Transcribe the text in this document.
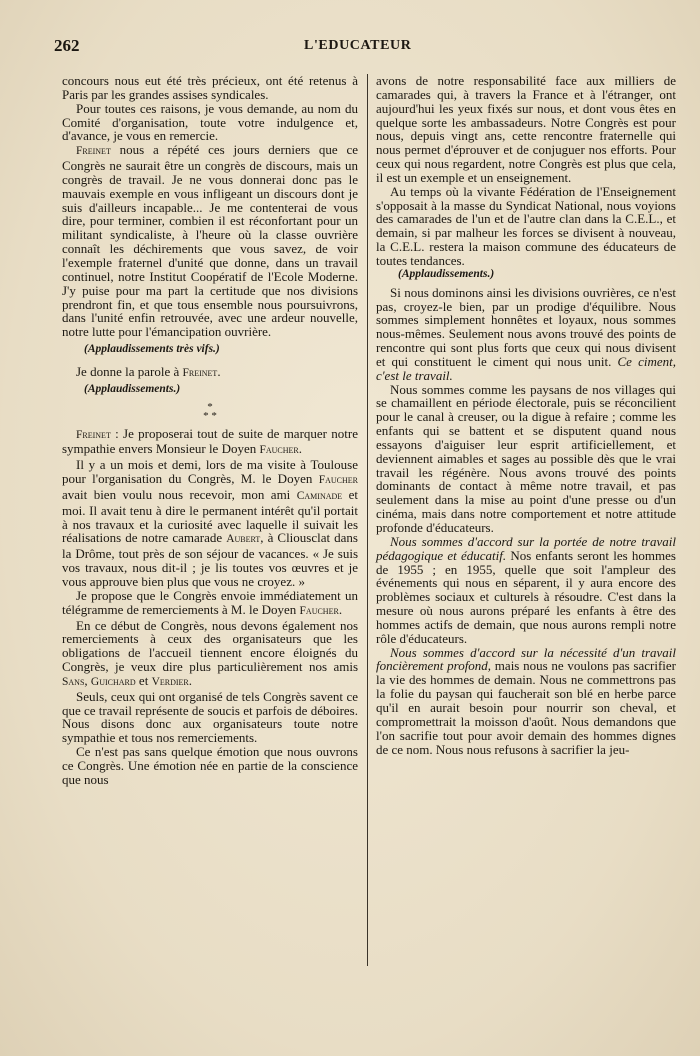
262	L'EDUCATEUR

concours nous eut été très précieux, ont été retenus à Paris par les grandes assises syndicales.

Pour toutes ces raisons, je vous demande, au nom du Comité d'organisation, toute votre indulgence et, d'avance, je vous en remercie.

Freinet nous a répété ces jours derniers que ce Congrès ne saurait être un congrès de discours, mais un congrès de travail. Je ne vous donnerai donc pas le mauvais exemple en vous infligeant un discours dont je suis d'ailleurs incapable... Je me contenterai de vous dire, pour terminer, combien il est réconfortant pour un militant syndicaliste, à l'heure où la classe ouvrière connaît les déchirements que vous savez, de voir l'exemple fraternel d'unité que donne, dans un travail continuel, notre Institut Coopératif de l'Ecole Moderne. J'y puise pour ma part la certitude que nos divisions prendront fin, et que tous ensemble nous poursuivrons, dans l'unité enfin retrouvée, avec une ardeur nouvelle, notre lutte pour l'émancipation ouvrière.

(Applaudissements très vifs.)

Je donne la parole à Freinet.

(Applaudissements.)

*
* *

Freinet : Je proposerai tout de suite de marquer notre sympathie envers Monsieur le Doyen Faucher.

Il y a un mois et demi, lors de ma visite à Toulouse pour l'organisation du Congrès, M. le Doyen Faucher avait bien voulu nous recevoir, mon ami Caminade et moi. Il avait tenu à dire le permanent intérêt qu'il portait à nos travaux et la curiosité avec laquelle il suivait les réalisations de notre camarade Aubert, à Cliousclat dans la Drôme, tout près de son séjour de vacances. « Je suis vos travaux, nous dit-il ; je lis toutes vos œuvres et je vous approuve bien plus que vous ne croyez. »

Je propose que le Congrès envoie immédiatement un télégramme de remerciements à M. le Doyen Faucher.

En ce début de Congrès, nous devons également nos remerciements à ceux des organisateurs que les obligations de l'accueil tiennent encore éloignés du Congrès, je veux dire plus particulièrement nos amis Sans, Guichard et Verdier.

Seuls, ceux qui ont organisé de tels Congrès savent ce que ce travail représente de soucis et parfois de déboires. Nous disons donc aux organisateurs toute notre sympathie et tous nos remerciements.

Ce n'est pas sans quelque émotion que nous ouvrons ce Congrès. Une émotion née en partie de la conscience que nous

avons de notre responsabilité face aux milliers de camarades qui, à travers la France et à l'étranger, ont aujourd'hui les yeux fixés sur nous, et dont vous êtes en quelque sorte les ambassadeurs. Notre Congrès est pour nous, depuis vingt ans, cette rencontre fraternelle qui nous permet d'éprouver et de conjuguer nos efforts. Pour ceux qui nous regardent, notre Congrès est plus que cela, il est un exemple et un enseignement.

Au temps où la vivante Fédération de l'Enseignement s'opposait à la masse du Syndicat National, nous voyions des camarades de l'un et de l'autre clan dans la C.E.L., et demain, si par malheur les forces se divisent à nouveau, la C.E.L. restera la maison commune des éducateurs de toutes tendances.

(Applaudissements.)

Si nous dominons ainsi les divisions ouvrières, ce n'est pas, croyez-le bien, par un prodige d'équilibre. Nous sommes simplement honnêtes et loyaux, nous sommes nous-mêmes. Seulement nous avons trouvé des points de rencontre qui sont plus forts que ceux qui nous divisent et qui constituent le ciment qui nous unit. Ce ciment, c'est le travail.

Nous sommes comme les paysans de nos villages qui se chamaillent en période électorale, puis se réconcilient pour le canal à creuser, ou la digue à refaire ; comme les enfants qui se battent et se disputent quand nous essayons d'aiguiser leur esprit artificiellement, et deviennent aimables et sages au possible dès que le vrai travail les régénère. Nous avons trouvé des points dominants de contact à même notre travail, et pas seulement dans la mise au point d'une presse ou d'un cinéma, mais dans notre comportement et notre attitude profonde d'éducateurs.

Nous sommes d'accord sur la portée de notre travail pédagogique et éducatif. Nos enfants seront les hommes de 1955 ; en 1955, quelle que soit l'ampleur des événements qui nous en séparent, il y aura encore des problèmes sociaux et culturels à résoudre. C'est dans la mesure où nous aurons préparé les enfants à être des hommes actifs de demain, que nous aurons rempli notre rôle d'éducateurs.

Nous sommes d'accord sur la nécessité d'un travail foncièrement profond, mais nous ne voulons pas sacrifier la vie des hommes de demain. Nous ne commettrons pas la folie du paysan qui faucherait son blé en herbe parce qu'il en aurait besoin pour nourrir son cheval, et compromettrait la moisson d'août. Nous demandons que l'on sacrifie tout pour avoir demain des hommes dignes de ce nom. Nous nous refusons à sacrifier la jeu-
